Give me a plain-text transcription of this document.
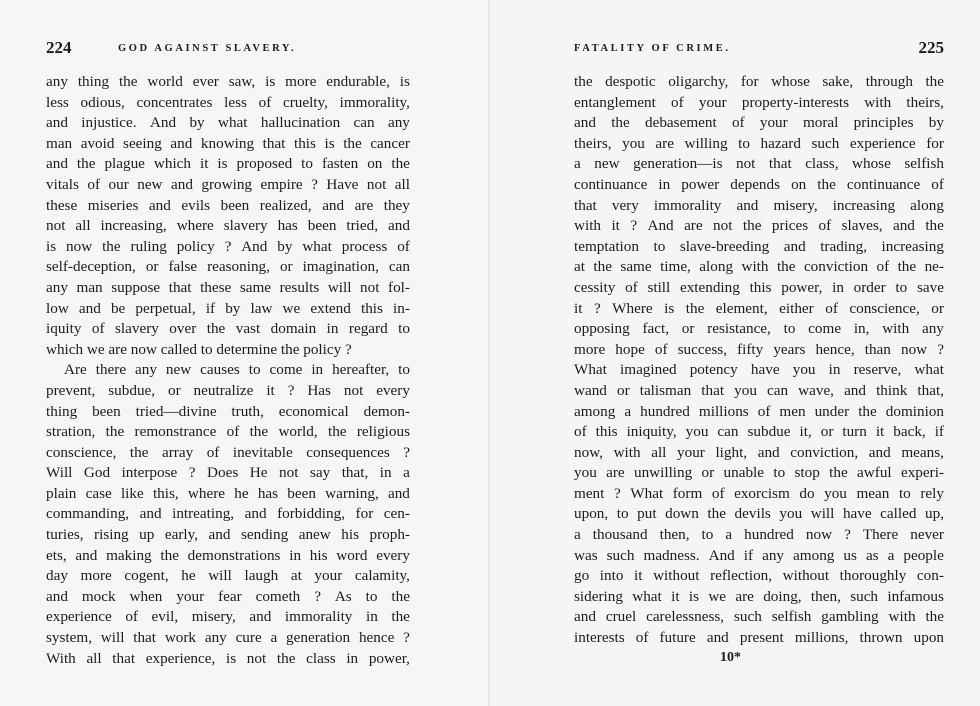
224	GOD AGAINST SLAVERY.
any thing the world ever saw, is more endurable, is
less odious, concentrates less of cruelty, immorality,
and injustice. And by what hallucination can any
man avoid seeing and knowing that this is the cancer
and the plague which it is proposed to fasten on the
vitals of our new and growing empire ? Have not all
these miseries and evils been realized, and are they
not all increasing, where slavery has been tried, and
is now the ruling policy ? And by what process of
self-deception, or false reasoning, or imagination, can
any man suppose that these same results will not fol-
low and be perpetual, if by law we extend this in-
iquity of slavery over the vast domain in regard to
which we are now called to determine the policy ?
Are there any new causes to come in hereafter, to
prevent, subdue, or neutralize it ? Has not every
thing been tried—divine truth, economical demon-
stration, the remonstrance of the world, the religious
conscience, the array of inevitable consequences ?
Will God interpose ? Does He not say that, in a
plain case like this, where he has been warning, and
commanding, and intreating, and forbidding, for cen-
turies, rising up early, and sending anew his proph-
ets, and making the demonstrations in his word every
day more cogent, he will laugh at your calamity,
and mock when your fear cometh ? As to the
experience of evil, misery, and immorality in the
system, will that work any cure a generation hence ?
With all that experience, is not the class in power,
FATALITY OF CRIME.	225
the despotic oligarchy, for whose sake, through the
entanglement of your property-interests with theirs,
and the debasement of your moral principles by
theirs, you are willing to hazard such experience for
a new generation—is not that class, whose selfish
continuance in power depends on the continuance of
that very immorality and misery, increasing along
with it ? And are not the prices of slaves, and the
temptation to slave-breeding and trading, increasing
at the same time, along with the conviction of the ne-
cessity of still extending this power, in order to save
it ? Where is the element, either of conscience, or
opposing fact, or resistance, to come in, with any
more hope of success, fifty years hence, than now ?
What imagined potency have you in reserve, what
wand or talisman that you can wave, and think that,
among a hundred millions of men under the dominion
of this iniquity, you can subdue it, or turn it back, if
now, with all your light, and conviction, and means,
you are unwilling or unable to stop the awful experi-
ment ? What form of exorcism do you mean to rely
upon, to put down the devils you will have called up,
a thousand then, to a hundred now ? There never
was such madness. And if any among us as a people
go into it without reflection, without thoroughly con-
sidering what it is we are doing, then, such infamous
and cruel carelessness, such selfish gambling with the
interests of future and present millions, thrown upon
10*
